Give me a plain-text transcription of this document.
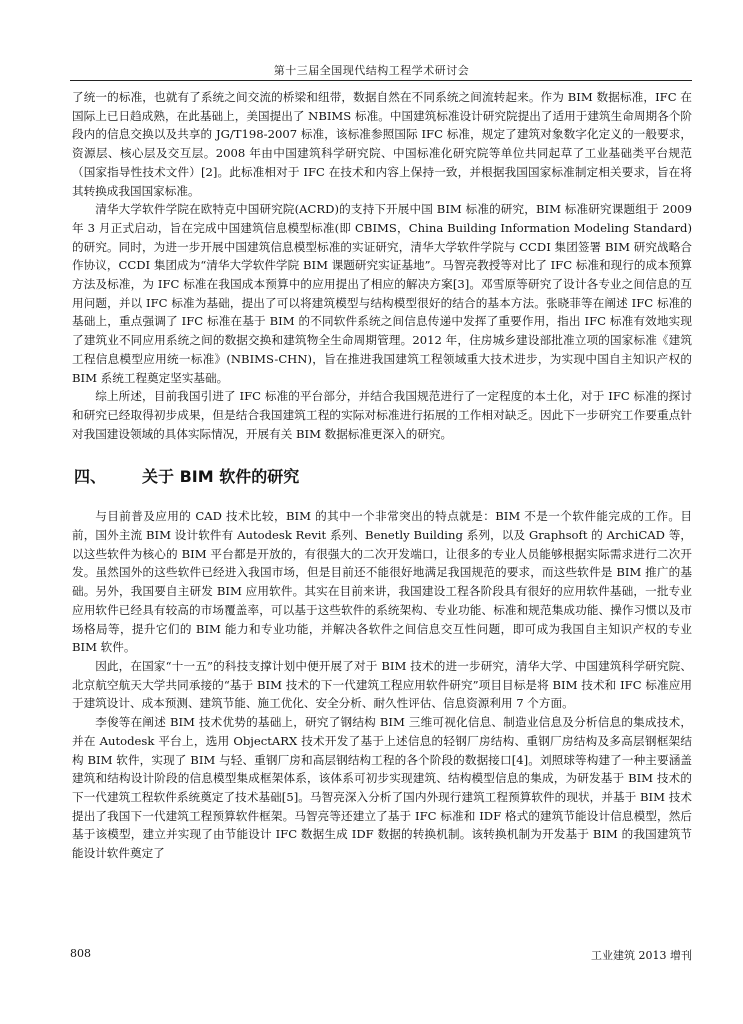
第十三届全国现代结构工程学术研讨会

了统一的标准，也就有了系统之间交流的桥梁和纽带，数据自然在不同系统之间流转起来。作为 BIM 数据标准，IFC 在国际上已日趋成熟，在此基础上，美国提出了 NBIMS 标准。中国建筑标准设计研究院提出了适用于建筑生命周期各个阶段内的信息交换以及共享的 JG/T198-2007 标准，该标准参照国际 IFC 标准，规定了建筑对象数字化定义的一般要求，资源层、核心层及交互层。2008 年由中国建筑科学研究院、中国标准化研究院等单位共同起草了工业基础类平台规范（国家指导性技术文件）[2]。此标准相对于 IFC 在技术和内容上保持一致，并根据我国国家标准制定相关要求，旨在将其转换成我国国家标准。

清华大学软件学院在欧特克中国研究院(ACRD)的支持下开展中国 BIM 标准的研究，BIM 标准研究课题组于 2009 年 3 月正式启动，旨在完成中国建筑信息模型标准(即 CBIMS，China Building Information Modeling Standard)的研究。同时，为进一步开展中国建筑信息模型标准的实证研究，清华大学软件学院与 CCDI 集团签署 BIM 研究战略合作协议，CCDI 集团成为“清华大学软件学院 BIM 课题研究实证基地”。马智亮教授等对比了 IFC 标准和现行的成本预算方法及标准，为 IFC 标准在我国成本预算中的应用提出了相应的解决方案[3]。邓雪原等研究了设计各专业之间信息的互用问题，并以 IFC 标准为基础，提出了可以将建筑模型与结构模型很好的结合的基本方法。张晓菲等在阐述 IFC 标准的基础上，重点强调了 IFC 标准在基于 BIM 的不同软件系统之间信息传递中发挥了重要作用，指出 IFC 标准有效地实现了建筑业不同应用系统之间的数据交换和建筑物全生命周期管理。2012 年，住房城乡建设部批准立项的国家标准《建筑工程信息模型应用统一标准》(NBIMS-CHN)，旨在推进我国建筑工程领域重大技术进步，为实现中国自主知识产权的 BIM 系统工程奠定坚实基础。

综上所述，目前我国引进了 IFC 标准的平台部分，并结合我国规范进行了一定程度的本土化，对于 IFC 标准的探讨和研究已经取得初步成果，但是结合我国建筑工程的实际对标准进行拓展的工作相对缺乏。因此下一步研究工作要重点针对我国建设领域的具体实际情况，开展有关 BIM 数据标准更深入的研究。

四、	关于 BIM 软件的研究

与目前普及应用的 CAD 技术比较，BIM 的其中一个非常突出的特点就是：BIM 不是一个软件能完成的工作。目前，国外主流 BIM 设计软件有 Autodesk Revit 系列、Benetly Building 系列，以及 Graphsoft 的 ArchiCAD 等，以这些软件为核心的 BIM 平台都是开放的，有很强大的二次开发端口，让很多的专业人员能够根据实际需求进行二次开发。虽然国外的这些软件已经进入我国市场，但是目前还不能很好地满足我国规范的要求，而这些软件是 BIM 推广的基础。另外，我国要自主研发 BIM 应用软件。其实在目前来讲，我国建设工程各阶段具有很好的应用软件基础，一批专业应用软件已经具有较高的市场覆盖率，可以基于这些软件的系统架构、专业功能、标准和规范集成功能、操作习惯以及市场格局等，提升它们的 BIM 能力和专业功能，并解决各软件之间信息交互性问题，即可成为我国自主知识产权的专业 BIM 软件。

因此，在国家“十一五”的科技支撑计划中便开展了对于 BIM 技术的进一步研究，清华大学、中国建筑科学研究院、北京航空航天大学共同承接的“基于 BIM 技术的下一代建筑工程应用软件研究”项目目标是将 BIM 技术和 IFC 标准应用于建筑设计、成本预测、建筑节能、施工优化、安全分析、耐久性评估、信息资源利用 7 个方面。

李俊等在阐述 BIM 技术优势的基础上，研究了钢结构 BIM 三维可视化信息、制造业信息及分析信息的集成技术，并在 Autodesk 平台上，选用 ObjectARX 技术开发了基于上述信息的轻钢厂房结构、重钢厂房结构及多高层钢框架结构 BIM 软件，实现了 BIM 与轻、重钢厂房和高层钢结构工程的各个阶段的数据接口[4]。刘照球等构建了一种主要涵盖建筑和结构设计阶段的信息模型集成框架体系，该体系可初步实现建筑、结构模型信息的集成，为研发基于 BIM 技术的下一代建筑工程软件系统奠定了技术基础[5]。马智亮深入分析了国内外现行建筑工程预算软件的现状，并基于 BIM 技术提出了我国下一代建筑工程预算软件框架。马智亮等还建立了基于 IFC 标准和 IDF 格式的建筑节能设计信息模型，然后基于该模型，建立并实现了由节能设计 IFC 数据生成 IDF 数据的转换机制。该转换机制为开发基于 BIM 的我国建筑节能设计软件奠定了

808	工业建筑 2013 增刊
